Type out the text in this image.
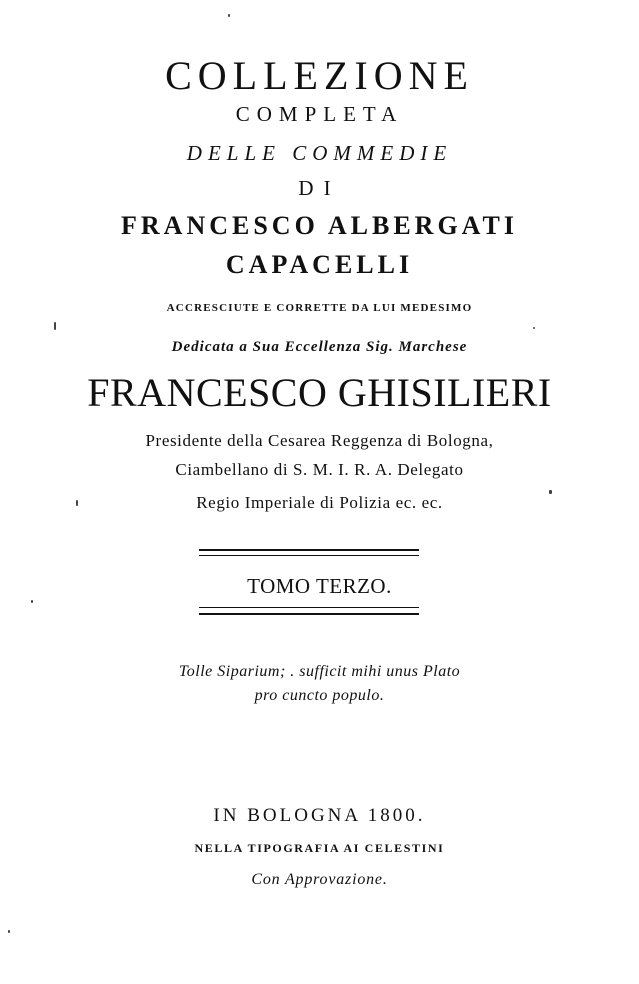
COLLEZIONE
COMPLETA
DELLE COMMEDIE
DI
FRANCESCO ALBERGATI
CAPACELLI
ACCRESCIUTE E CORRETTE DA LUI MEDESIMO
Dedicata a Sua Eccellenza Sig. Marchese
FRANCESCO GHISILIERI
Presidente della Cesarea Reggenza di Bologna,
Ciambellano di S. M. I. R. A. Delegato
Regio Imperiale di Polizia ec. ec.
TOMO TERZO.
Tolle Siparium; . sufficit mihi unus Plato
pro cuncto populo.
IN BOLOGNA 1800.
NELLA TIPOGRAFIA AI CELESTINI
Con Approvazione.
